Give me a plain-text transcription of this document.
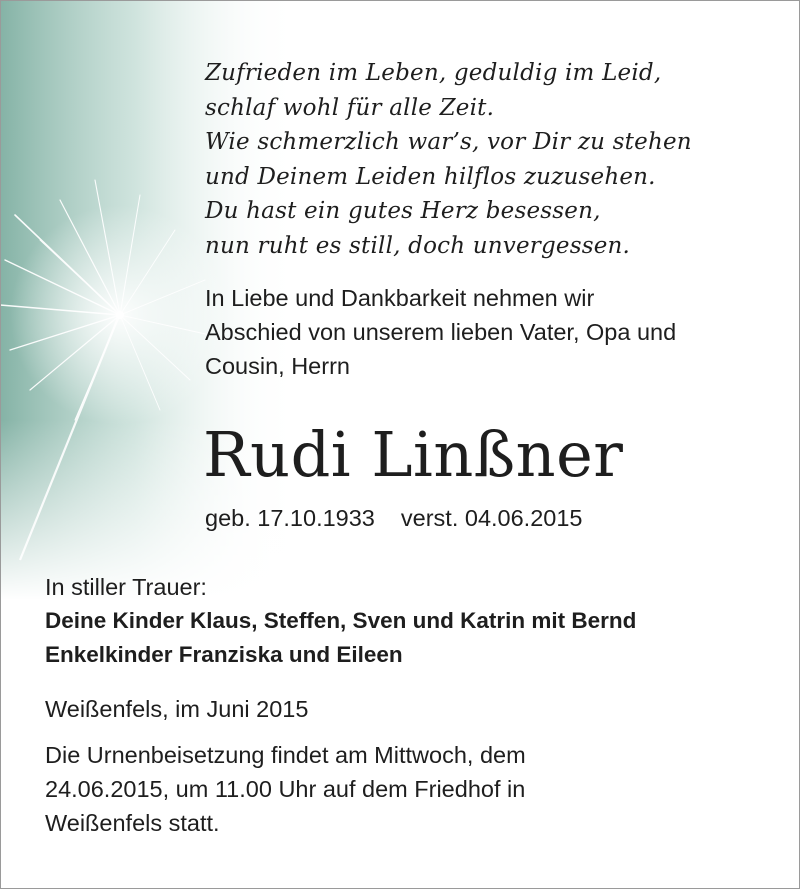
Zufrieden im Leben, geduldig im Leid,
schlaf wohl für alle Zeit.
Wie schmerzlich war’s, vor Dir zu stehen
und Deinem Leiden hilflos zuzusehen.
Du hast ein gutes Herz besessen,
nun ruht es still, doch unvergessen.
In Liebe und Dankbarkeit nehmen wir
Abschied von unserem lieben Vater, Opa und
Cousin, Herrn
Rudi Linßner
geb. 17.10.1933 verst. 04.06.2015
In stiller Trauer:
Deine Kinder Klaus, Steffen, Sven und Katrin mit Bernd
Enkelkinder Franziska und Eileen
Weißenfels, im Juni 2015
Die Urnenbeisetzung findet am Mittwoch, dem
24.06.2015, um 11.00 Uhr auf dem Friedhof in
Weißenfels statt.
